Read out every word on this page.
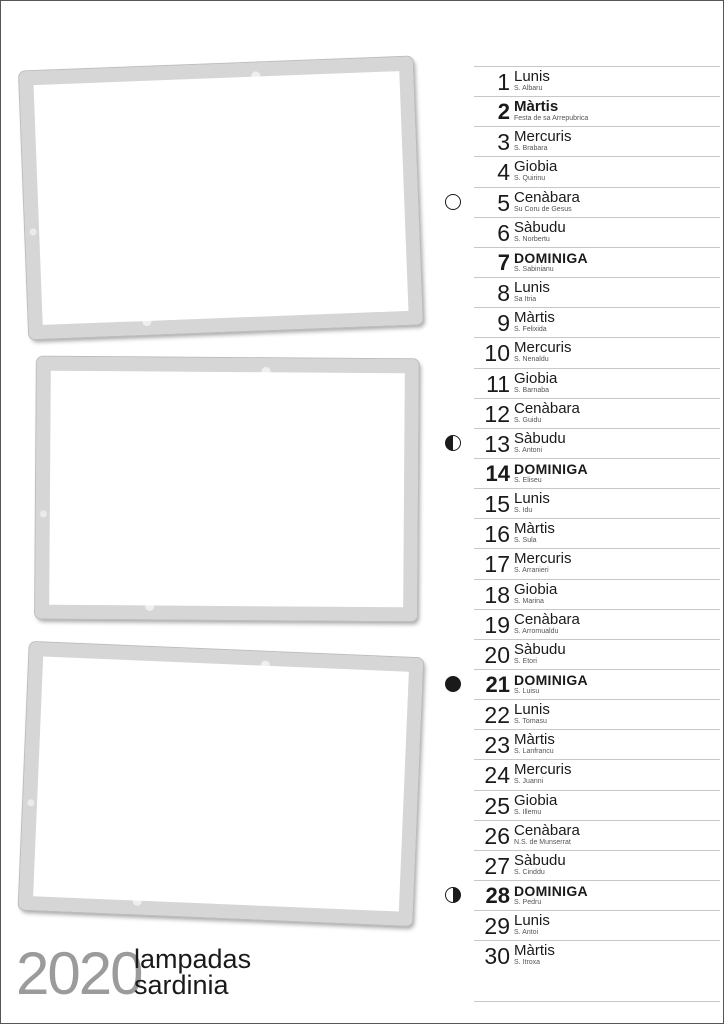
2020
lampadas
sardinia
1 Lunis
S. Albaru
2 Màrtis
Festa de sa Arrepubrica
3 Mercuris
S. Brabara
4 Giobia
S. Quirinu
5 Cenàbara
Su Coru de Gesus
6 Sàbudu
S. Norbertu
7 DOMINIGA
S. Sabinianu
8 Lunis
Sa Itria
9 Màrtis
S. Felixida
10 Mercuris
S. Nenaldu
11 Giobia
S. Barnaba
12 Cenàbara
S. Guidu
13 Sàbudu
S. Antoni
14 DOMINIGA
S. Eliseu
15 Lunis
S. Idu
16 Màrtis
S. Sula
17 Mercuris
S. Arranieri
18 Giobia
S. Marina
19 Cenàbara
S. Arromualdu
20 Sàbudu
S. Etori
21 DOMINIGA
S. Luisu
22 Lunis
S. Tomasu
23 Màrtis
S. Lanfrancu
24 Mercuris
S. Juanni
25 Giobia
S. Illemu
26 Cenàbara
N.S. de Munserrat
27 Sàbudu
S. Cinddu
28 DOMINIGA
S. Pedru
29 Lunis
S. Antoi
30 Màrtis
S. Itroxa
